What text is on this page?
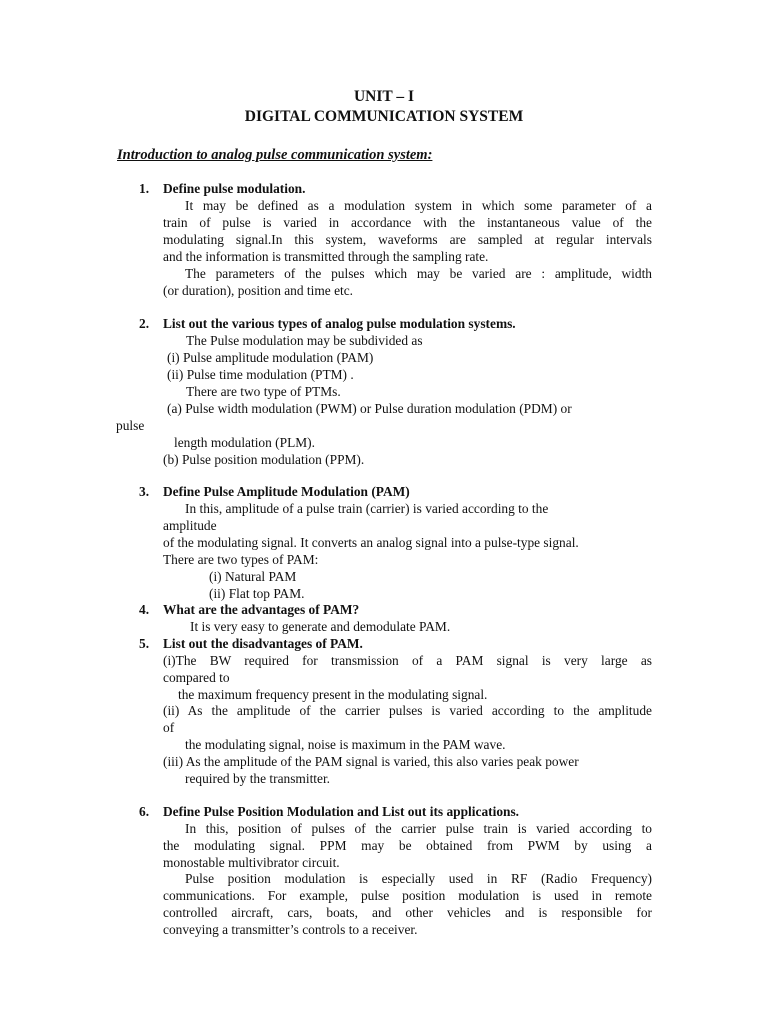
UNIT – I
DIGITAL COMMUNICATION SYSTEM

Introduction to analog pulse communication system:

1. Define pulse modulation.
It may be defined as a modulation system in which some parameter of a
train of pulse is varied in accordance with the instantaneous value of the
modulating signal.In this system, waveforms are sampled at regular intervals
and the information is transmitted through the sampling rate.
The parameters of the pulses which may be varied are : amplitude, width
(or duration), position and time etc.
2. List out the various types of analog pulse modulation systems.
The Pulse modulation may be subdivided as
(i) Pulse amplitude modulation (PAM)
(ii) Pulse time modulation (PTM) .
There are two type of PTMs.
(a) Pulse width modulation (PWM) or Pulse duration modulation (PDM) or
pulse
length modulation (PLM).
(b) Pulse position modulation (PPM).
3. Define Pulse Amplitude Modulation (PAM)
In this, amplitude of a pulse train (carrier) is varied according to the
amplitude
of the modulating signal. It converts an analog signal into a pulse-type signal.
There are two types of PAM:
(i) Natural PAM
(ii) Flat top PAM.
4. What are the advantages of PAM?
It is very easy to generate and demodulate PAM.
5. List out the disadvantages of PAM.
(i)The BW required for transmission of a PAM signal is very large as
compared to
the maximum frequency present in the modulating signal.
(ii) As the amplitude of the carrier pulses is varied according to the amplitude
of
the modulating signal, noise is maximum in the PAM wave.
(iii) As the amplitude of the PAM signal is varied, this also varies peak power
required by the transmitter.
6. Define Pulse Position Modulation and List out its applications.
In this, position of pulses of the carrier pulse train is varied according to
the modulating signal. PPM may be obtained from PWM by using a
monostable multivibrator circuit.
Pulse position modulation is especially used in RF (Radio Frequency)
communications. For example, pulse position modulation is used in remote
controlled aircraft, cars, boats, and other vehicles and is responsible for
conveying a transmitter’s controls to a receiver.
